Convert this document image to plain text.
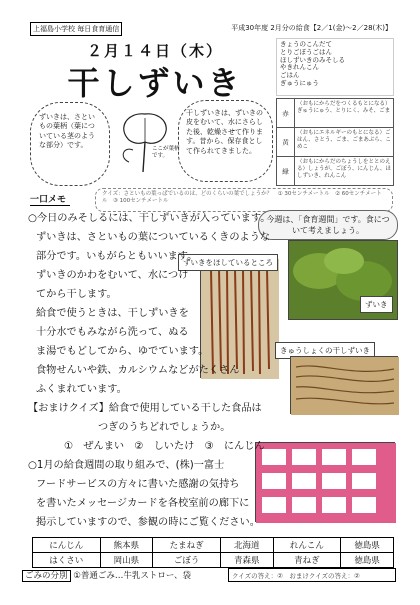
上福島小学校 毎日食育通信	平成30年度 2月分の給食【2／1(金)～2／28(木)】
２月１４日（木）
干しずいき
きょうのこんだて
とりごぼうごはん
ほしずいきのみそしる
やきれんこん
ごはん
ぎゅうにゅう
ずいきは、さといもの葉柄（葉についている茎のような部分）です。	ここが葉柄です。
干しずいきは、ずいきの皮をむいて、水にさらした後、乾燥させて作ります。昔から、保存食として作られてきました。
赤
（おもにからだをつくるもとになる）ぎゅうにゅう、とりにく、みそ、ごま
黄
（おもにエネルギーのもとになる）ごはん、さとう、ごま、ごまあぶら、こめこ
緑
（おもにからだのちょうしをととのえる）しょうが、ごぼう、にんじん、ほしずいき、れんこん
一口メモ
クイズ：さといもの葉っぱでいるのは、どのくらいの葉でしょうか？　① 30センチメートル　② 60センチメートル　③ 100センチメートル
今週は、「食育週間」です。食について考えましょう。
ずいき
ずいきをほしているところ
きゅうしょくの干しずいき
○今日のみそしるには、干しずいきが入っています。
ずいきは、さといもの葉についているくきのような
部分です。いもがらともいいます。
ずいきのかわをむいて、水につけ
てから干します。
給食で使うときは、干しずいきを
十分水でもみながら洗って、ぬる
ま湯でもどしてから、ゆでています。
食物せんいや鉄、カルシウムなどがたくさん
ふくまれています。
【おまけクイズ】給食で使用している干した食品は
つぎのうちどれでしょうか。
①　ぜんまい　②　しいたけ　③　にんじん
○1月の給食週間の取り組みで、(株)一富士
フードサービスの方々に書いた感謝の気持ち
を書いたメッセージカードを各校室前の廊下に
掲示していますので、参観の時にご覧ください。
にんじん	熊本県	たまねぎ	北海道	れんこん	徳島県
はくさい	岡山県	ごぼう	青森県	青ねぎ	徳島県
ごみの分別 ①普通ごみ…牛乳ストロー、袋	クイズの答え：②　おまけクイズの答え：②
